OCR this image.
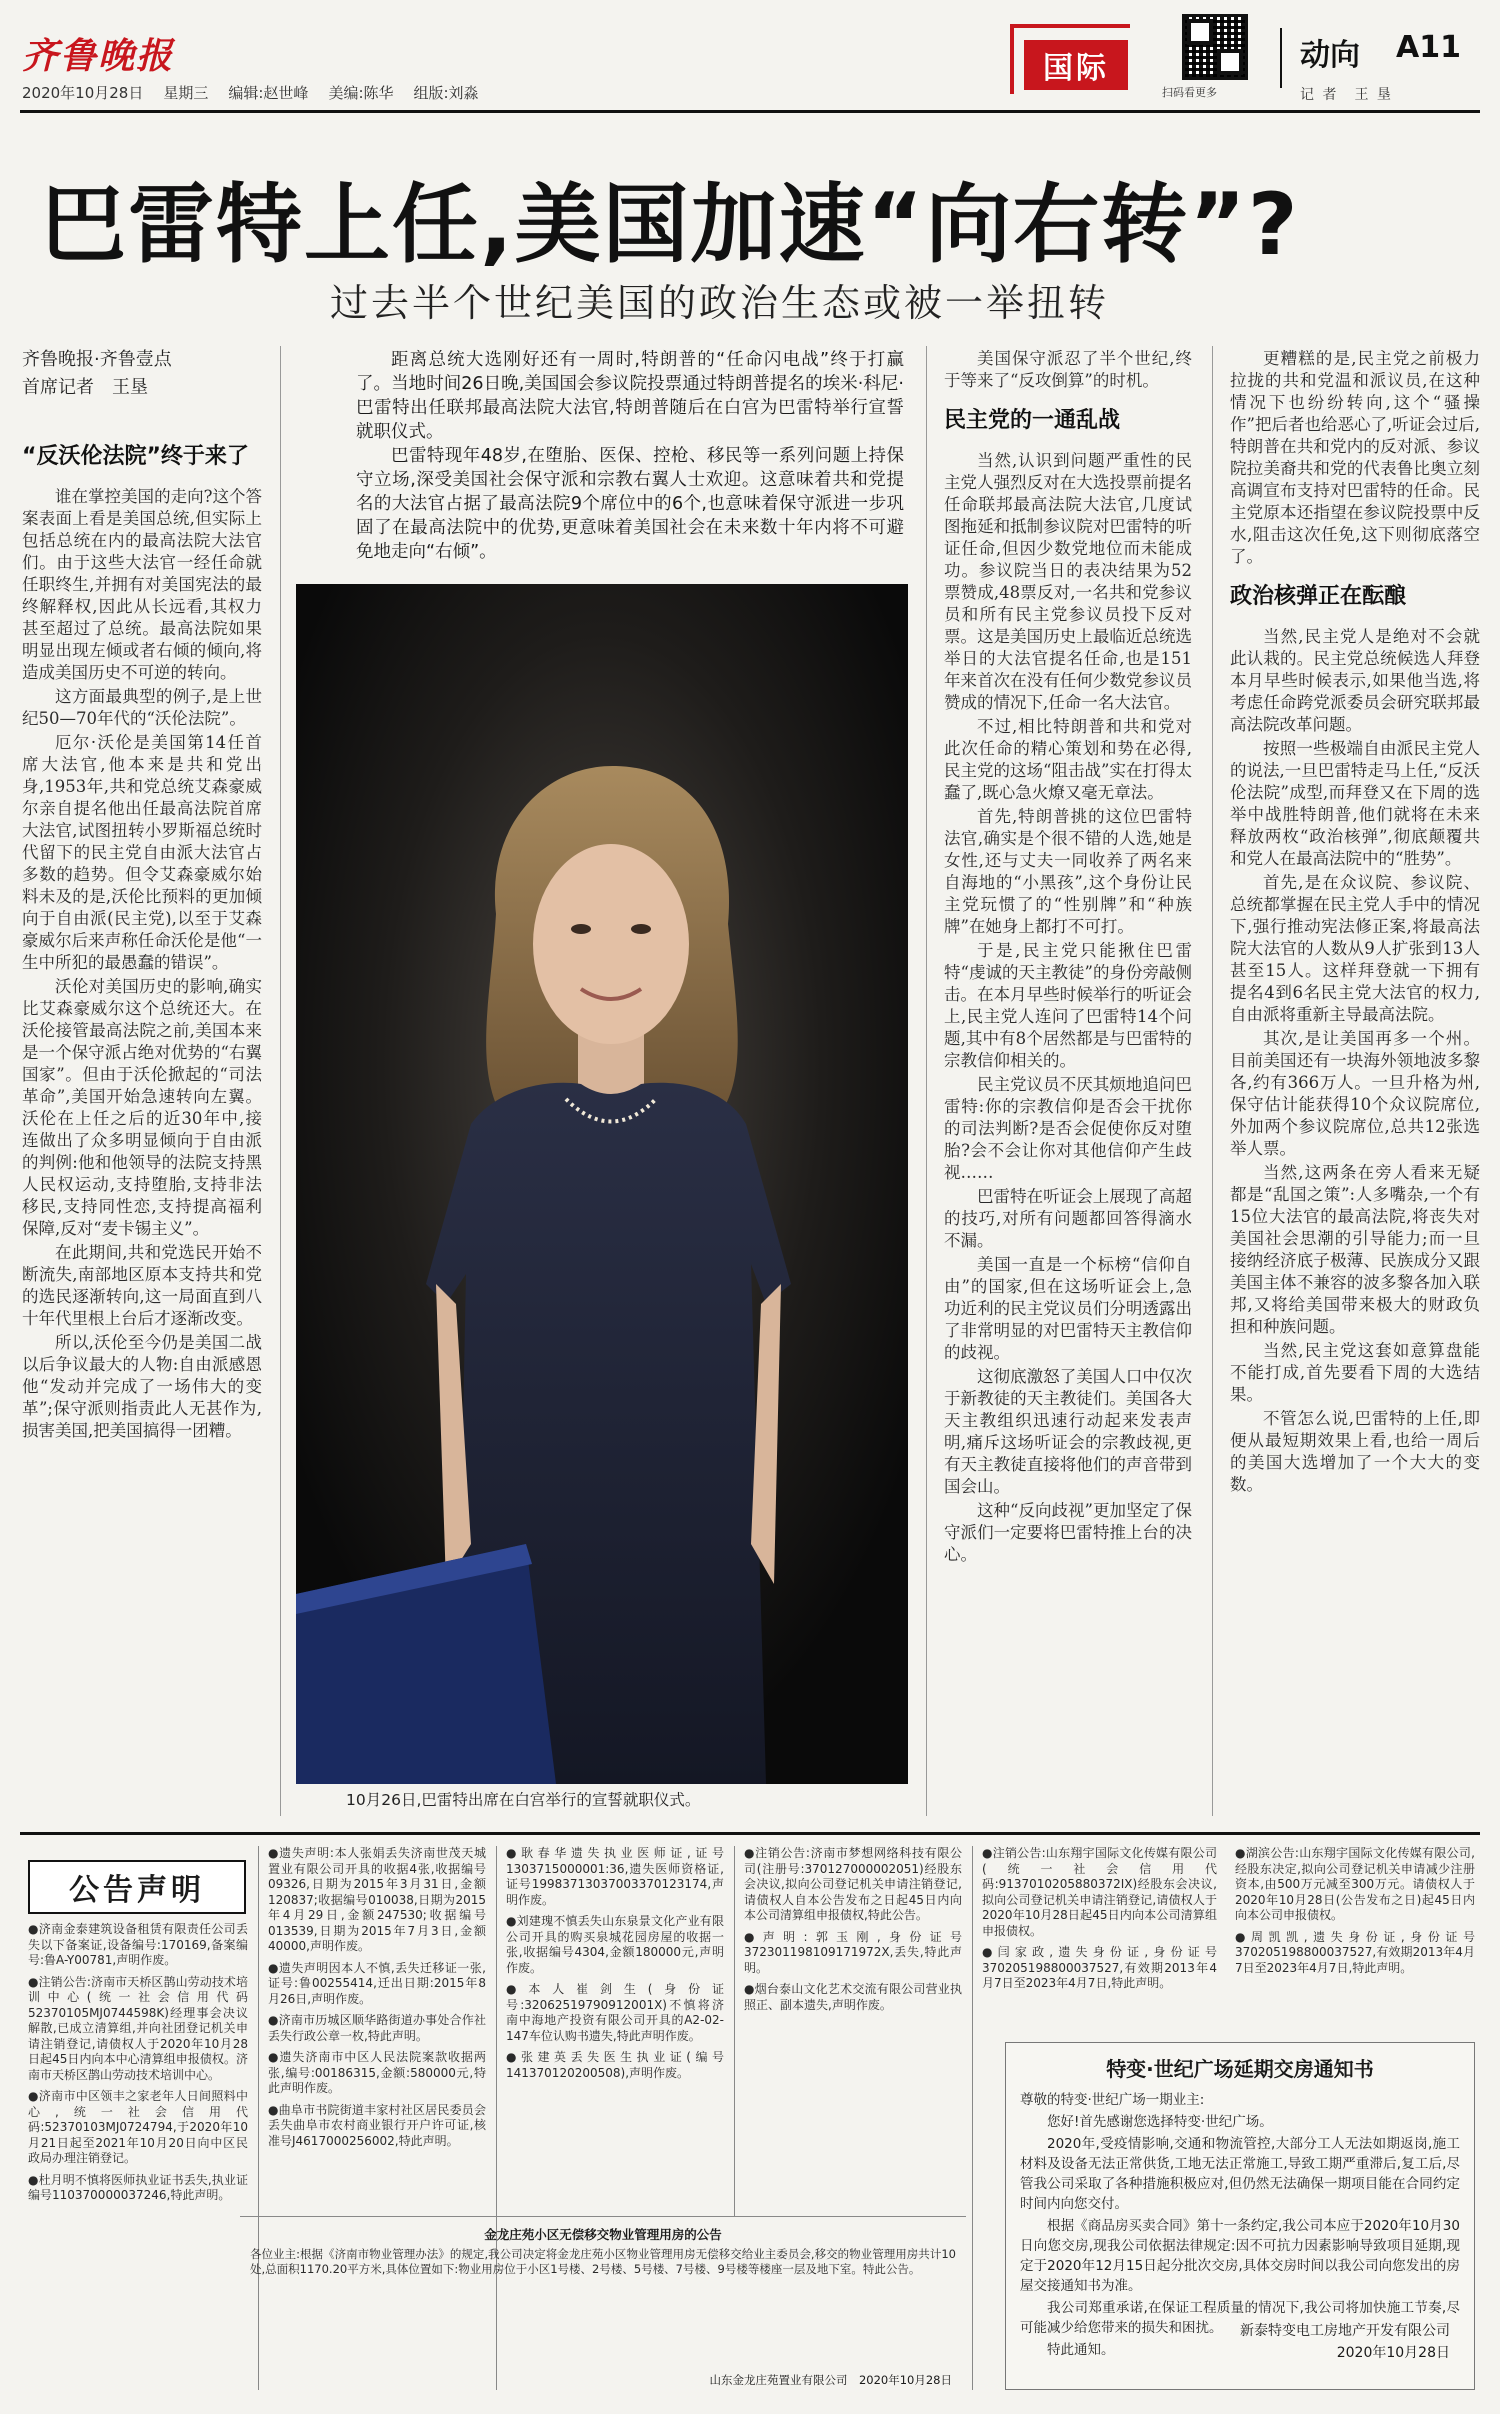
齐鲁晚报
2020年10月28日 星期三 编辑:赵世峰 美编:陈华 组版:刘淼
国际
扫码看更多
动向 A11
记 者　王 垦
巴雷特上任,美国加速“向右转”?
过去半个世纪美国的政治生态或被一举扭转
齐鲁晚报·齐鲁壹点
首席记者　王垦
“反沃伦法院”终于来了

谁在掌控美国的走向?这个答案表面上看是美国总统,但实际上包括总统在内的最高法院大法官们。由于这些大法官一经任命就任职终生,并拥有对美国宪法的最终解释权,因此从长远看,其权力甚至超过了总统。最高法院如果明显出现左倾或者右倾的倾向,将造成美国历史不可逆的转向。

这方面最典型的例子,是上世纪50—70年代的“沃伦法院”。

厄尔·沃伦是美国第14任首席大法官,他本来是共和党出身,1953年,共和党总统艾森豪威尔亲自提名他出任最高法院首席大法官,试图扭转小罗斯福总统时代留下的民主党自由派大法官占多数的趋势。但令艾森豪威尔始料未及的是,沃伦比预料的更加倾向于自由派(民主党),以至于艾森豪威尔后来声称任命沃伦是他“一生中所犯的最愚蠢的错误”。

沃伦对美国历史的影响,确实比艾森豪威尔这个总统还大。在沃伦接管最高法院之前,美国本来是一个保守派占绝对优势的“右翼国家”。但由于沃伦掀起的“司法革命”,美国开始急速转向左翼。沃伦在上任之后的近30年中,接连做出了众多明显倾向于自由派的判例:他和他领导的法院支持黑人民权运动,支持堕胎,支持非法移民,支持同性恋,支持提高福利保障,反对“麦卡锡主义”。

在此期间,共和党选民开始不断流失,南部地区原本支持共和党的选民逐渐转向,这一局面直到八十年代里根上台后才逐渐改变。

所以,沃伦至今仍是美国二战以后争议最大的人物:自由派感恩他“发动并完成了一场伟大的变革”;保守派则指责此人无甚作为,损害美国,把美国搞得一团糟。

距离总统大选刚好还有一周时,特朗普的“任命闪电战”终于打赢了。当地时间26日晚,美国国会参议院投票通过特朗普提名的埃米·科尼·巴雷特出任联邦最高法院大法官,特朗普随后在白宫为巴雷特举行宣誓就职仪式。

巴雷特现年48岁,在堕胎、医保、控枪、移民等一系列问题上持保守立场,深受美国社会保守派和宗教右翼人士欢迎。这意味着共和党提名的大法官占据了最高法院9个席位中的6个,也意味着保守派进一步巩固了在最高法院中的优势,更意味着美国社会在未来数十年内将不可避免地走向“右倾”。

10月26日,巴雷特出席在白宫举行的宣誓就职仪式。

美国保守派忍了半个世纪,终于等来了“反攻倒算”的时机。

民主党的一通乱战

当然,认识到问题严重性的民主党人强烈反对在大选投票前提名任命联邦最高法院大法官,几度试图拖延和抵制参议院对巴雷特的听证任命,但因少数党地位而未能成功。参议院当日的表决结果为52票赞成,48票反对,一名共和党参议员和所有民主党参议员投下反对票。这是美国历史上最临近总统选举日的大法官提名任命,也是151年来首次在没有任何少数党参议员赞成的情况下,任命一名大法官。

不过,相比特朗普和共和党对此次任命的精心策划和势在必得,民主党的这场“阻击战”实在打得太蠢了,既心急火燎又毫无章法。

首先,特朗普挑的这位巴雷特法官,确实是个很不错的人选,她是女性,还与丈夫一同收养了两名来自海地的“小黑孩”,这个身份让民主党玩惯了的“性别牌”和“种族牌”在她身上都打不可打。

于是,民主党只能揪住巴雷特“虔诚的天主教徒”的身份旁敲侧击。在本月早些时候举行的听证会上,民主党人连问了巴雷特14个问题,其中有8个居然都是与巴雷特的宗教信仰相关的。

民主党议员不厌其烦地追问巴雷特:你的宗教信仰是否会干扰你的司法判断?是否会促使你反对堕胎?会不会让你对其他信仰产生歧视……

巴雷特在听证会上展现了高超的技巧,对所有问题都回答得滴水不漏。

美国一直是一个标榜“信仰自由”的国家,但在这场听证会上,急功近利的民主党议员们分明透露出了非常明显的对巴雷特天主教信仰的歧视。

这彻底激怒了美国人口中仅次于新教徒的天主教徒们。美国各大天主教组织迅速行动起来发表声明,痛斥这场听证会的宗教歧视,更有天主教徒直接将他们的声音带到国会山。

这种“反向歧视”更加坚定了保守派们一定要将巴雷特推上台的决心。

更糟糕的是,民主党之前极力拉拢的共和党温和派议员,在这种情况下也纷纷转向,这个“骚操作”把后者也给恶心了,听证会过后,特朗普在共和党内的反对派、参议院拉美裔共和党的代表鲁比奥立刻高调宣布支持对巴雷特的任命。民主党原本还指望在参议院投票中反水,阻击这次任免,这下则彻底落空了。

政治核弹正在酝酿

当然,民主党人是绝对不会就此认栽的。民主党总统候选人拜登本月早些时候表示,如果他当选,将考虑任命跨党派委员会研究联邦最高法院改革问题。

按照一些极端自由派民主党人的说法,一旦巴雷特走马上任,“反沃伦法院”成型,而拜登又在下周的选举中战胜特朗普,他们就将在未来释放两枚“政治核弹”,彻底颠覆共和党人在最高法院中的“胜势”。

首先,是在众议院、参议院、总统都掌握在民主党人手中的情况下,强行推动宪法修正案,将最高法院大法官的人数从9人扩张到13人甚至15人。这样拜登就一下拥有提名4到6名民主党大法官的权力,自由派将重新主导最高法院。

其次,是让美国再多一个州。目前美国还有一块海外领地波多黎各,约有366万人。一旦升格为州,保守估计能获得10个众议院席位,外加两个参议院席位,总共12张选举人票。

当然,这两条在旁人看来无疑都是“乱国之策”:人多嘴杂,一个有15位大法官的最高法院,将丧失对美国社会思潮的引导能力;而一旦接纳经济底子极薄、民族成分又跟美国主体不兼容的波多黎各加入联邦,又将给美国带来极大的财政负担和种族问题。

当然,民主党这套如意算盘能不能打成,首先要看下周的大选结果。

不管怎么说,巴雷特的上任,即便从最短期效果上看,也给一周后的美国大选增加了一个大大的变数。

公告声明

●济南金泰建筑设备租赁有限责任公司丢失以下备案证,设备编号:170169,备案编号:鲁A-Y00781,声明作废。

●注销公告:济南市天桥区鹊山劳动技术培训中心(统一社会信用代码52370105MJ0744598K)经理事会决议解散,已成立清算组,并向社团登记机关申请注销登记,请债权人于2020年10月28日起45日内向本中心清算组申报债权。济南市天桥区鹊山劳动技术培训中心。

●济南市中区领丰之家老年人日间照料中心,统一社会信用代码:52370103MJ0724794,于2020年10月21日起至2021年10月20日向中区民政局办理注销登记。

●杜月明不慎将医师执业证书丢失,执业证编号110370000037246,特此声明。

●遗失声明:本人张娟丢失济南世茂天城置业有限公司开具的收据4张,收据编号09326,日期为2015年3月31日,金额120837;收据编号010038,日期为2015年4月29日,金额247530;收据编号013539,日期为2015年7月3日,金额40000,声明作废。

●遗失声明因本人不慎,丢失迁移证一张,证号:鲁00255414,迁出日期:2015年8月26日,声明作废。

●济南市历城区顺华路街道办事处合作社丢失行政公章一枚,特此声明。

●遗失济南市中区人民法院案款收据两张,编号:00186315,金额:580000元,特此声明作废。

●曲阜市书院街道丰家村社区居民委员会丢失曲阜市农村商业银行开户许可证,核准号J4617000256002,特此声明。

●耿春华遗失执业医师证,证号1303715000001:36,遗失医师资格证,证号19983713037003370123174,声明作废。

●刘建瑰不慎丢失山东泉景文化产业有限公司开具的购买泉城花园房屋的收据一张,收据编号4304,金额180000元,声明作废。

●本人崔剑生(身份证号:32062519790912001X)不慎将济南中海地产投资有限公司开具的A2-02-147车位认购书遗失,特此声明作废。

●张建英丢失医生执业证(编号141370120200508),声明作废。

●注销公告:济南市梦想网络科技有限公司(注册号:370127000002051)经股东会决议,拟向公司登记机关申请注销登记,请债权人自本公告发布之日起45日内向本公司清算组申报债权,特此公告。

●声明:郭玉刚,身份证号372301198109171972X,丢失,特此声明。

●烟台泰山文化艺术交流有限公司营业执照正、副本遗失,声明作废。

金龙庄苑小区无偿移交物业管理用房的公告
各位业主:根据《济南市物业管理办法》的规定,我公司决定将金龙庄苑小区物业管理用房无偿移交给业主委员会,移交的物业管理用房共计10处,总面积1170.20平方米,具体位置如下:物业用房位于小区1号楼、2号楼、5号楼、7号楼、9号楼等楼座一层及地下室。特此公告。
山东金龙庄苑置业有限公司　2020年10月28日

●注销公告:山东翔宇国际文化传媒有限公司(统一社会信用代码:9137010205880372IX)经股东会决议,拟向公司登记机关申请注销登记,请债权人于2020年10月28日起45日内向本公司清算组申报债权。

●闫家政,遗失身份证,身份证号370205198800037527,有效期2013年4月7日至2023年4月7日,特此声明。

●湖滨公告:山东翔宇国际文化传媒有限公司,经股东决定,拟向公司登记机关申请减少注册资本,由500万元减至300万元。请债权人于2020年10月28日(公告发布之日)起45日内向本公司申报债权。

●周凯凯,遗失身份证,身份证号370205198800037527,有效期2013年4月7日至2023年4月7日,特此声明。

特变·世纪广场延期交房通知书

尊敬的特变·世纪广场一期业主:

您好!首先感谢您选择特变·世纪广场。

2020年,受疫情影响,交通和物流管控,大部分工人无法如期返岗,施工材料及设备无法正常供货,工地无法正常施工,导致工期严重滞后,复工后,尽管我公司采取了各种措施积极应对,但仍然无法确保一期项目能在合同约定时间内向您交付。

根据《商品房买卖合同》第十一条约定,我公司本应于2020年10月30日向您交房,现我公司依据法律规定:因不可抗力因素影响导致项目延期,现定于2020年12月15日起分批次交房,具体交房时间以我公司向您发出的房屋交接通知书为准。

我公司郑重承诺,在保证工程质量的情况下,我公司将加快施工节奏,尽可能减少给您带来的损失和困扰。

特此通知。

新泰特变电工房地产开发有限公司
2020年10月28日
